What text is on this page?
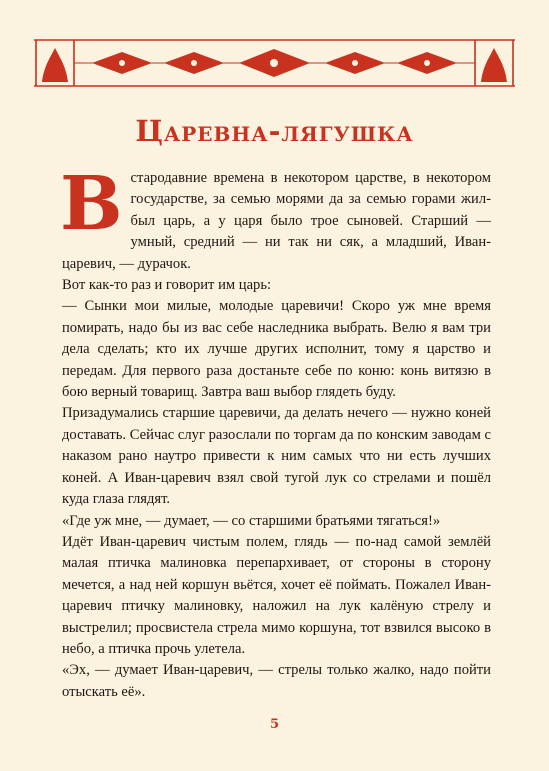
Царевна-лягушка

Встародавние времена в некотором царстве, в некотором государстве, за семью морями да за семью горами жил-был царь, а у царя было трое сыновей. Старший — умный, средний — ни так ни сяк, а младший, Иван-царевич, — дурачок.

Вот как-то раз и говорит им царь:

— Сынки мои милые, молодые царевичи! Скоро уж мне время помирать, надо бы из вас себе наследника выбрать. Велю я вам три дела сделать; кто их лучше других исполнит, тому я царство и передам. Для первого раза достаньте себе по коню: конь витязю в бою верный товарищ. Завтра ваш выбор глядеть буду.

Призадумались старшие царевичи, да делать нечего — нужно коней доставать. Сейчас слуг разослали по торгам да по конским заводам с наказом рано наутро привести к ним самых что ни есть лучших коней. А Иван-царевич взял свой тугой лук со стрелами и пошёл куда глаза глядят.

«Где уж мне, — думает, — со старшими братьями тягаться!»

Идёт Иван-царевич чистым полем, глядь — по-над самой землёй малая птичка малиновка перепархивает, от стороны в сторону мечется, а над ней коршун вьётся, хочет её поймать. Пожалел Иван-царевич птичку малиновку, наложил на лук калёную стрелу и выстрелил; просвистела стрела мимо коршуна, тот взвился высоко в небо, а птичка прочь улетела.

«Эх, — думает Иван-царевич, — стрелы только жалко, надо пойти отыскать её».

5
